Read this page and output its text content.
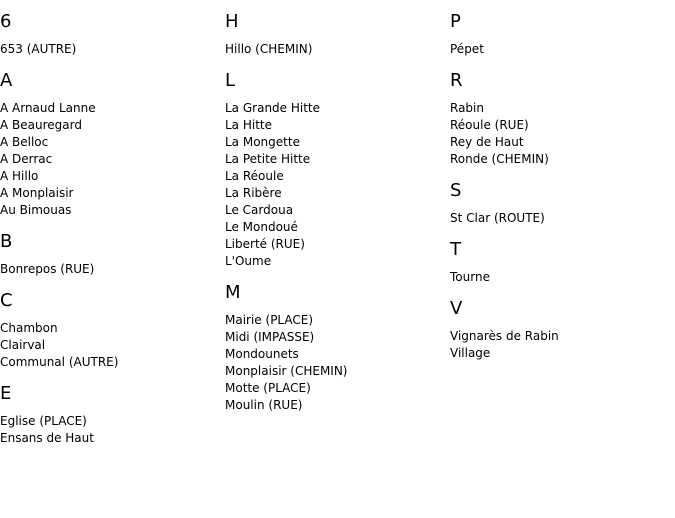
6
653 (AUTRE)
A
A Arnaud Lanne
A Beauregard
A Belloc
A Derrac
A Hillo
A Monplaisir
Au Bimouas
B
Bonrepos (RUE)
C
Chambon
Clairval
Communal (AUTRE)
E
Eglise (PLACE)
Ensans de Haut
H
Hillo (CHEMIN)
L
La Grande Hitte
La Hitte
La Mongette
La Petite Hitte
La Réoule
La Ribère
Le Cardoua
Le Mondoué
Liberté (RUE)
L'Oume
M
Mairie (PLACE)
Midi (IMPASSE)
Mondounets
Monplaisir (CHEMIN)
Motte (PLACE)
Moulin (RUE)
P
Pépet
R
Rabin
Réoule (RUE)
Rey de Haut
Ronde (CHEMIN)
S
St Clar (ROUTE)
T
Tourne
V
Vignarès de Rabin
Village
